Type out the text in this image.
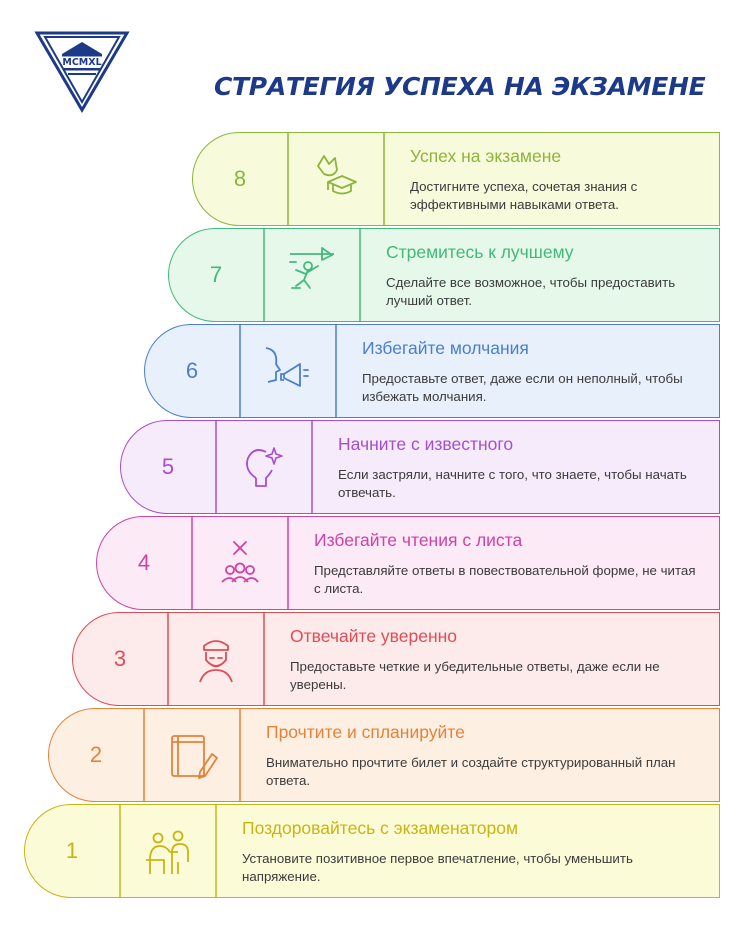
MCMXL
СТРАТЕГИЯ УСПЕХА НА ЭКЗАМЕНЕ
8
Успех на экзамене
Достигните успеха, сочетая знания с эффективными навыками ответа.
7
Стремитесь к лучшему
Сделайте все возможное, чтобы предоставить лучший ответ.
6
Избегайте молчания
Предоставьте ответ, даже если он неполный, чтобы избежать молчания.
5
Начните с известного
Если застряли, начните с того, что знаете, чтобы начать отвечать.
4
Избегайте чтения с листа
Представляйте ответы в повествовательной форме, не читая с листа.
3
Отвечайте уверенно
Предоставьте четкие и убедительные ответы, даже если не уверены.
2
Прочтите и спланируйте
Внимательно прочтите билет и создайте структурированный план ответа.
1
Поздоровайтесь с экзаменатором
Установите позитивное первое впечатление, чтобы уменьшить напряжение.
